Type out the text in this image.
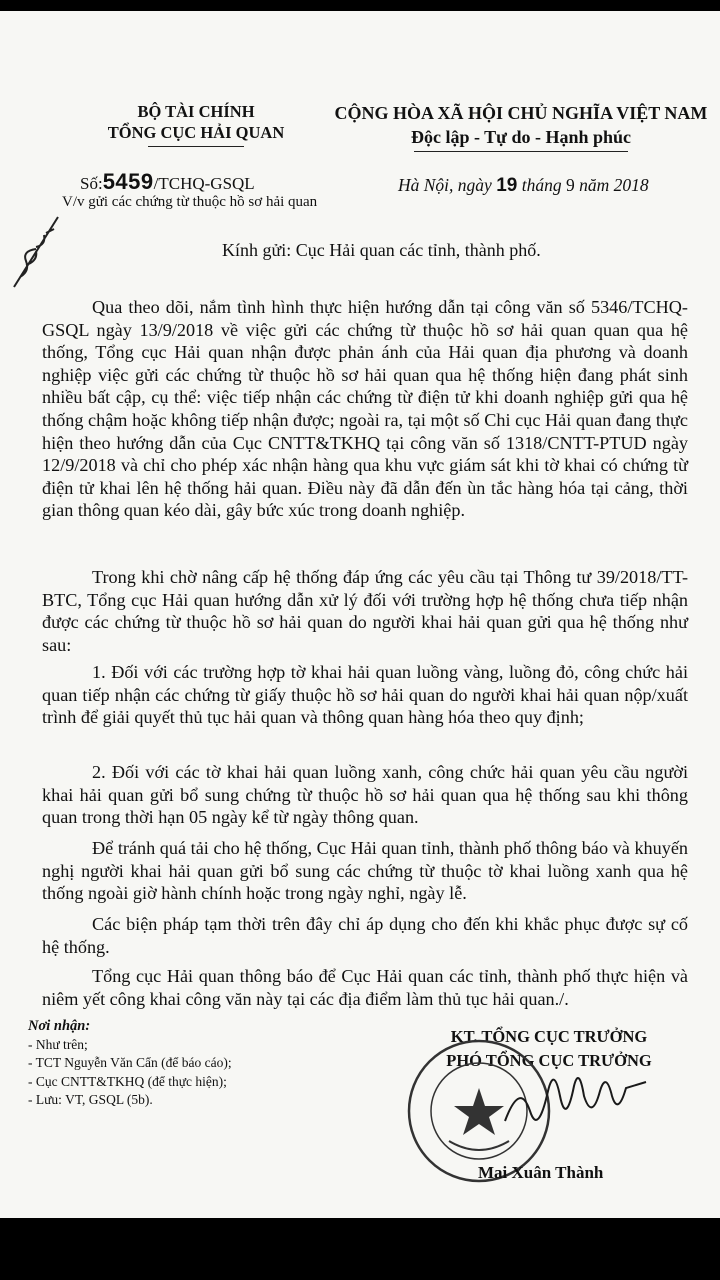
BỘ TÀI CHÍNH
TỔNG CỤC HẢI QUAN
CỘNG HÒA XÃ HỘI CHỦ NGHĨA VIỆT NAM
Độc lập - Tự do - Hạnh phúc
Số:5459/TCHQ-GSQL	Hà Nội, ngày 19 tháng 9 năm 2018
V/v gửi các chứng từ thuộc hồ sơ hải quan
Kính gửi: Cục Hải quan các tỉnh, thành phố.

Qua theo dõi, nắm tình hình thực hiện hướng dẫn tại công văn số 5346/TCHQ-GSQL ngày 13/9/2018 về việc gửi các chứng từ thuộc hồ sơ hải quan quan qua hệ thống, Tổng cục Hải quan nhận được phản ánh của Hải quan địa phương và doanh nghiệp việc gửi các chứng từ thuộc hồ sơ hải quan qua hệ thống hiện đang phát sinh nhiều bất cập, cụ thể: việc tiếp nhận các chứng từ điện tử khi doanh nghiệp gửi qua hệ thống chậm hoặc không tiếp nhận được; ngoài ra, tại một số Chi cục Hải quan đang thực hiện theo hướng dẫn của Cục CNTT&TKHQ tại công văn số 1318/CNTT-PTUD ngày 12/9/2018 và chỉ cho phép xác nhận hàng qua khu vực giám sát khi tờ khai có chứng từ điện tử khai lên hệ thống hải quan. Điều này đã dẫn đến ùn tắc hàng hóa tại cảng, thời gian thông quan kéo dài, gây bức xúc trong doanh nghiệp.

Trong khi chờ nâng cấp hệ thống đáp ứng các yêu cầu tại Thông tư 39/2018/TT-BTC, Tổng cục Hải quan hướng dẫn xử lý đối với trường hợp hệ thống chưa tiếp nhận được các chứng từ thuộc hồ sơ hải quan do người khai hải quan gửi qua hệ thống như sau:

1. Đối với các trường hợp tờ khai hải quan luồng vàng, luồng đỏ, công chức hải quan tiếp nhận các chứng từ giấy thuộc hồ sơ hải quan do người khai hải quan nộp/xuất trình để giải quyết thủ tục hải quan và thông quan hàng hóa theo quy định;

2. Đối với các tờ khai hải quan luồng xanh, công chức hải quan yêu cầu người khai hải quan gửi bổ sung chứng từ thuộc hồ sơ hải quan qua hệ thống sau khi thông quan trong thời hạn 05 ngày kể từ ngày thông quan.

Để tránh quá tải cho hệ thống, Cục Hải quan tỉnh, thành phố thông báo và khuyến nghị người khai hải quan gửi bổ sung các chứng từ thuộc tờ khai luồng xanh qua hệ thống ngoài giờ hành chính hoặc trong ngày nghỉ, ngày lễ.

Các biện pháp tạm thời trên đây chỉ áp dụng cho đến khi khắc phục được sự cố hệ thống.

Tổng cục Hải quan thông báo để Cục Hải quan các tỉnh, thành phố thực hiện và niêm yết công khai công văn này tại các địa điểm làm thủ tục hải quan./.

Nơi nhận:
- Như trên;
- TCT Nguyễn Văn Cẩn (để báo cáo);
- Cục CNTT&TKHQ (để thực hiện);
- Lưu: VT, GSQL (5b).
KT. TỔNG CỤC TRƯỞNG
PHÓ TỔNG CỤC TRƯỞNG
Mai Xuân Thành
